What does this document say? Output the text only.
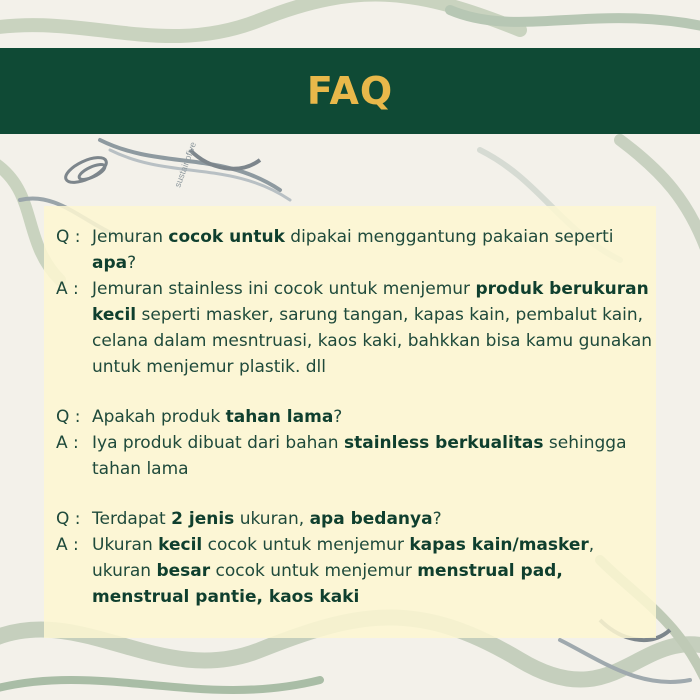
sustainofive
FAQ
Q : Jemuran cocok untuk dipakai menggantung pakaian seperti apa?
A : Jemuran stainless ini cocok untuk menjemur produk berukuran kecil seperti masker, sarung tangan, kapas kain, pembalut kain, celana dalam mesntruasi, kaos kaki, bahkkan bisa kamu gunakan untuk menjemur plastik. dll
Q : Apakah produk tahan lama?
A : Iya produk dibuat dari bahan stainless berkualitas sehingga tahan lama
Q : Terdapat 2 jenis ukuran, apa bedanya?
A : Ukuran kecil cocok untuk menjemur kapas kain/masker, ukuran besar cocok untuk menjemur menstrual pad, menstrual pantie, kaos kaki
